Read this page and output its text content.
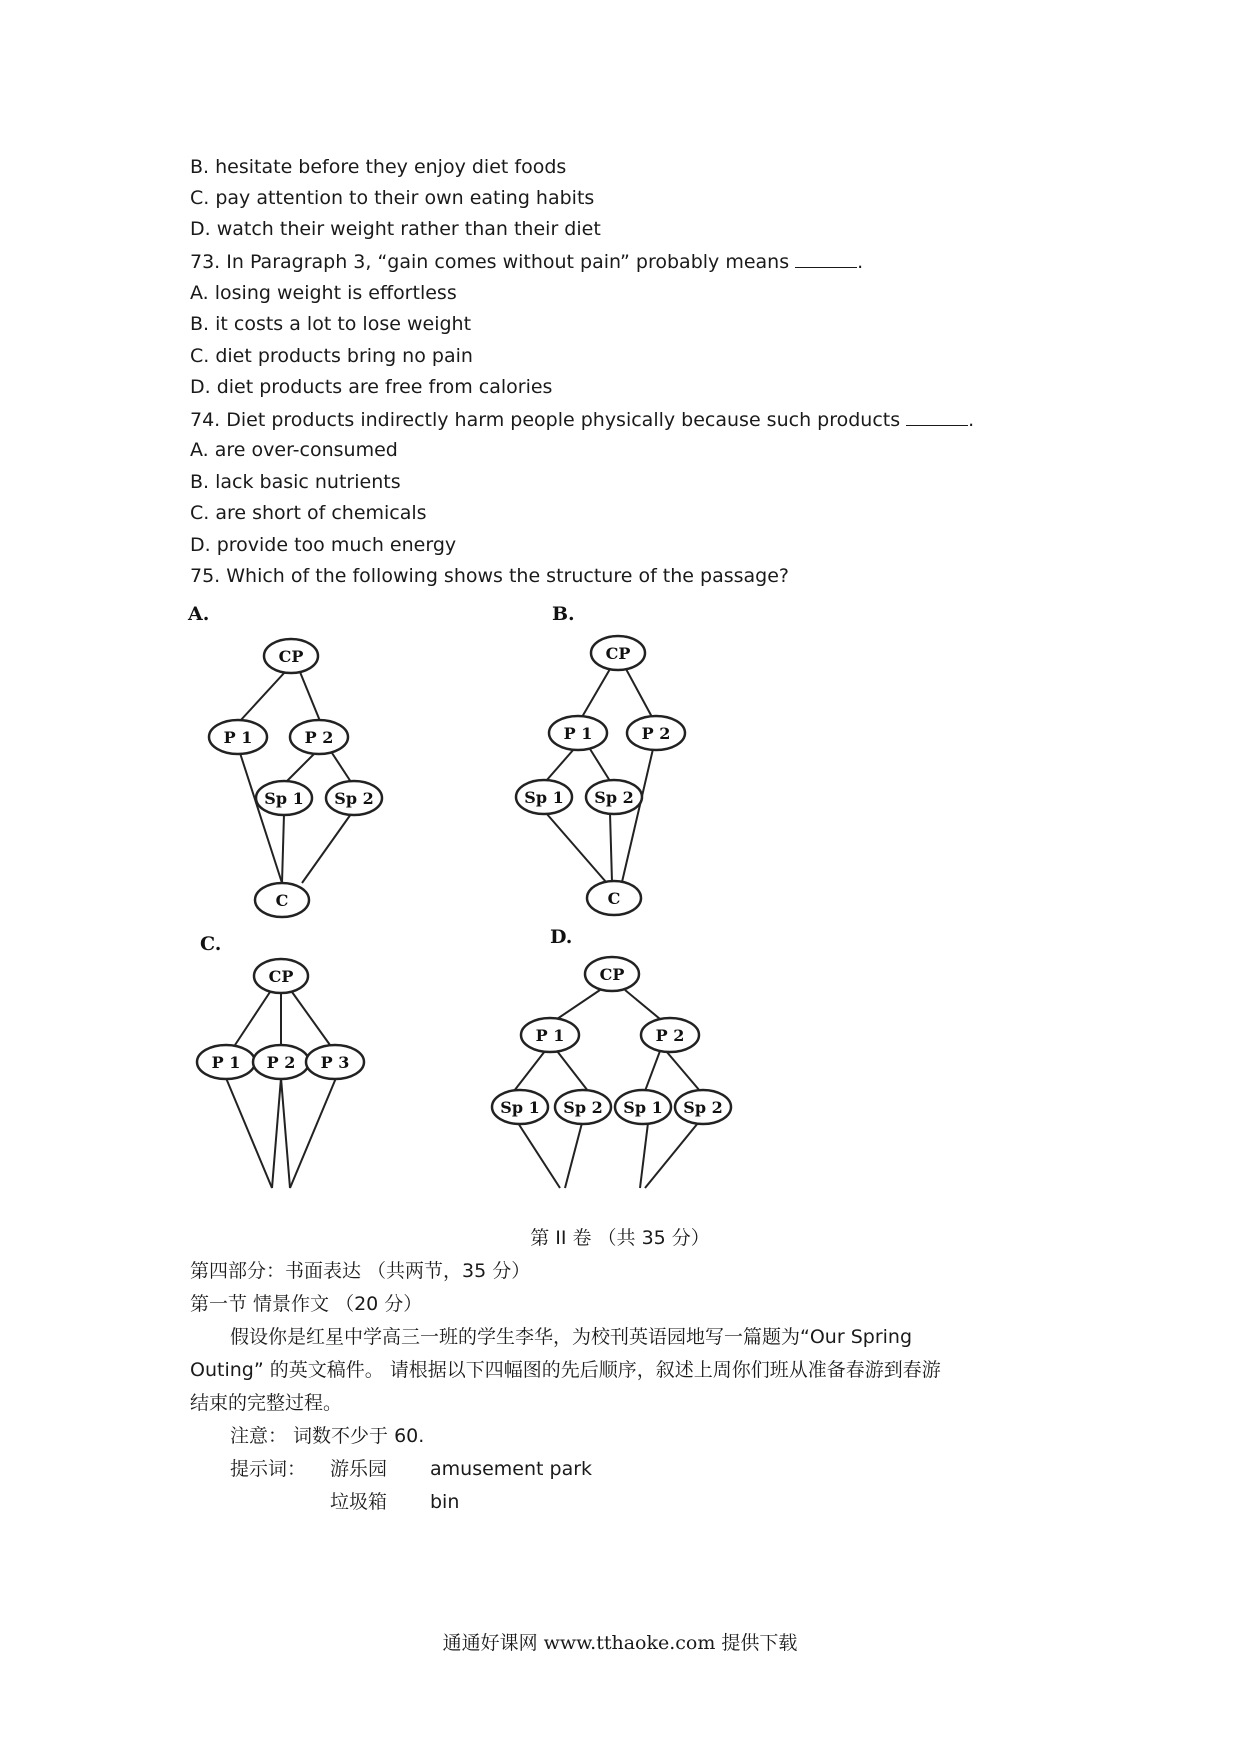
B. hesitate before they enjoy diet foods
C. pay attention to their own eating habits
D. watch their weight rather than their diet
73. In Paragraph 3, “gain comes without pain” probably means	.
A. losing weight is effortless
B. it costs a lot to lose weight
C. diet products bring no pain
D. diet products are free from calories
74. Diet products indirectly harm people physically because such products	.
A. are over-consumed
B. lack basic nutrients
C. are short of chemicals
D. provide too much energy
75. Which of the following shows the structure of the passage?
A.
CP
P 1	P 2
Sp 1 Sp 2
C
B.
CP
P 1	P 2
Sp 1 Sp 2
C
C.
CP
P 1 P 2 P 3
D.
CP
P 1	P 2
Sp 1 Sp 2 Sp 1 Sp 2
第 II 卷 （共 35 分）
第四部分：书面表达 （共两节，35 分）
第一节 情景作文 （20 分）
假设你是红星中学高三一班的学生李华，为校刊英语园地写一篇题为“Our Spring
Outing” 的英文稿件。 请根据以下四幅图的先后顺序，叙述上周你们班从准备春游到春游
结束的完整过程。
注意： 词数不少于 60.
提示词： 游乐园 amusement park
垃圾箱 bin
通通好课网 www.tthaoke.com 提供下载
